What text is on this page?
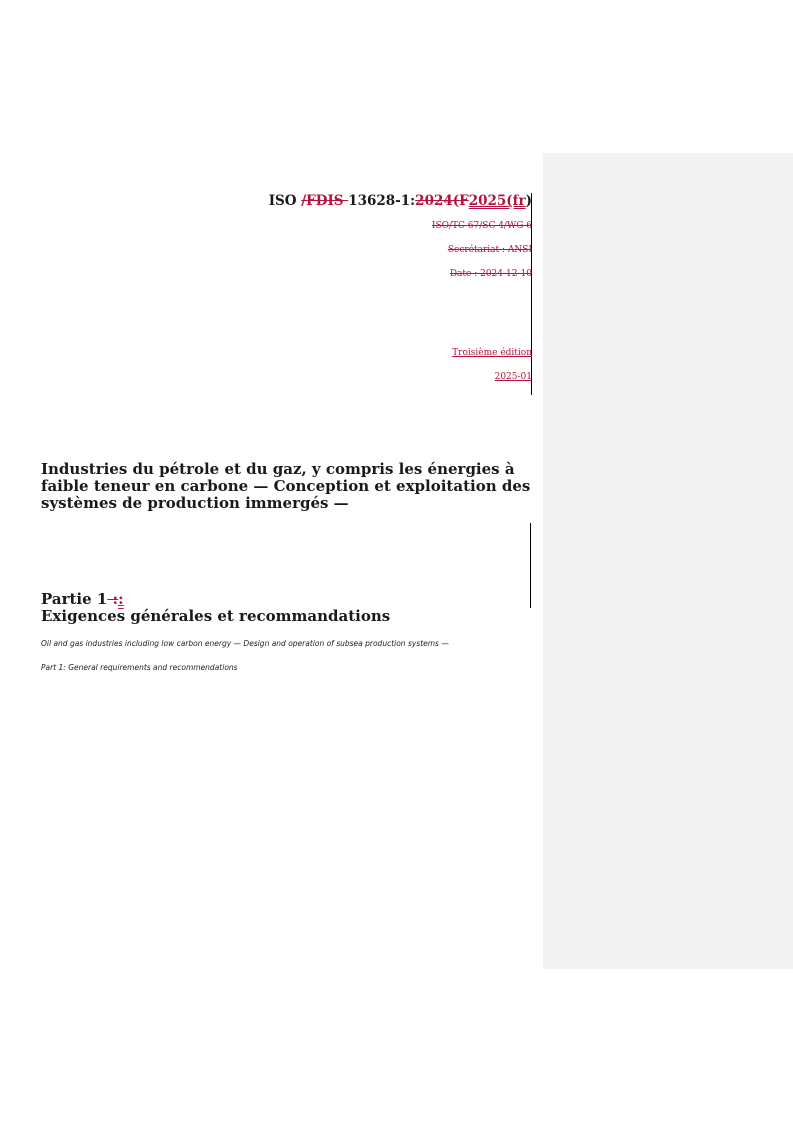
ISO /FDIS 13628-1:2024(F2025(fr)
ISO/TC 67/SC 4/WG 6
Secrétariat : ANSI
Date : 2024-12-10
Troisième édition
2025-01
Industries du pétrole et du gaz, y compris les énergies à faible teneur en carbone — Conception et exploitation des systèmes de production immergés —
Partie 1 ::
Exigences générales et recommandations
Oil and gas industries including low carbon energy — Design and operation of subsea production systems —
Part 1: General requirements and recommendations
